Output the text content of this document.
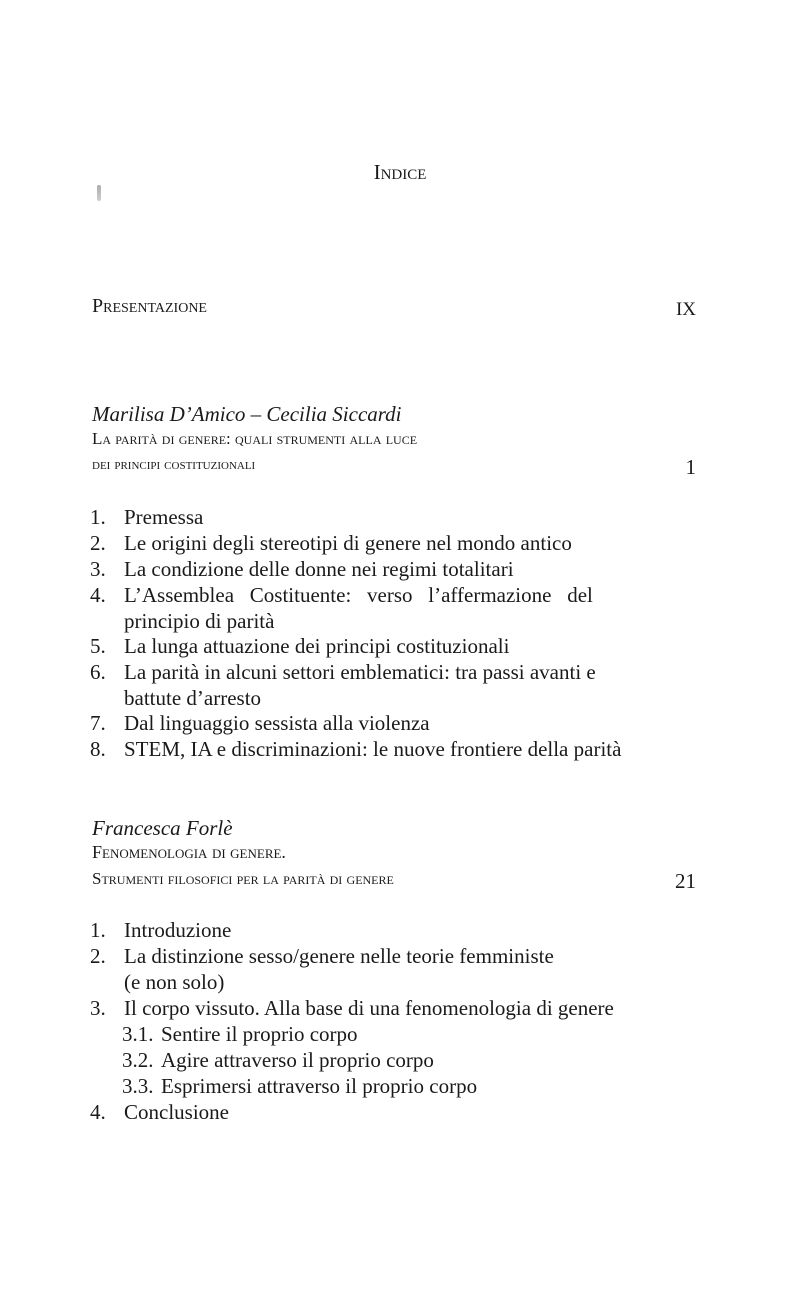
Indice
Presentazione	IX
Marilisa D’Amico – Cecilia Siccardi
La parità di genere: quali strumenti alla luce
dei principi costituzionali	1
1. Premessa
2. Le origini degli stereotipi di genere nel mondo antico
3. La condizione delle donne nei regimi totalitari
4. L’Assemblea   Costituente:   verso   l’affermazione   del
principio di parità
5. La lunga attuazione dei principi costituzionali
6. La parità in alcuni settori emblematici: tra passi avanti e
battute d’arresto
7. Dal linguaggio sessista alla violenza
8. STEM, IA e discriminazioni: le nuove frontiere della parità
Francesca Forlè
Fenomenologia di genere.
Strumenti filosofici per la parità di genere	21
1. Introduzione
2. La distinzione sesso/genere nelle teorie femministe
(e non solo)
3. Il corpo vissuto. Alla base di una fenomenologia di genere
3.1. Sentire il proprio corpo
3.2. Agire attraverso il proprio corpo
3.3. Esprimersi attraverso il proprio corpo
4. Conclusione
